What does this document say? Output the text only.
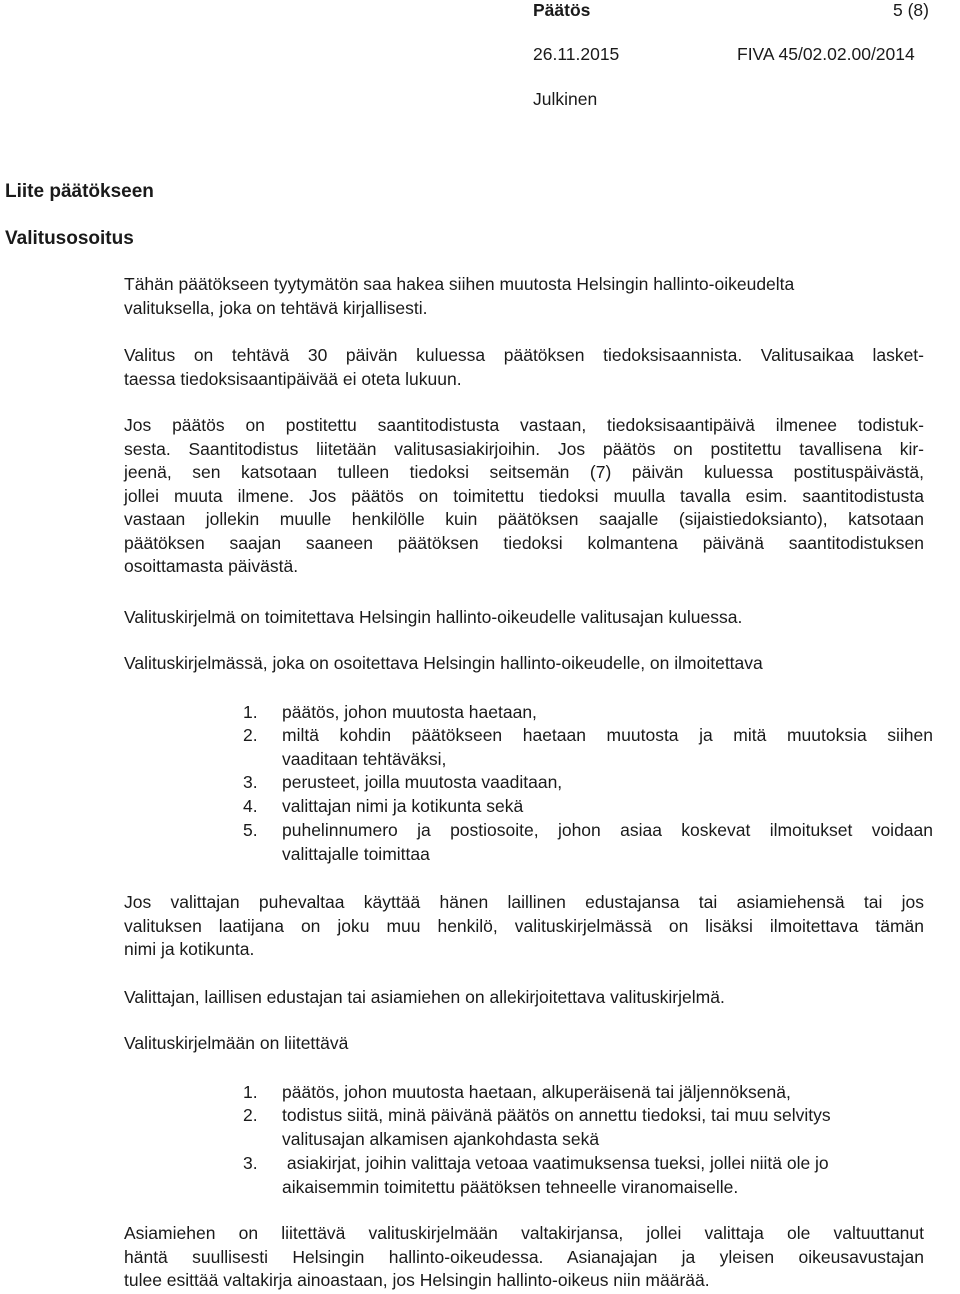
Päätös	5 (8)
26.11.2015	FIVA 45/02.02.00/2014
Julkinen
Liite päätökseen
Valitusosoitus
Tähän päätökseen tyytymätön saa hakea siihen muutosta Helsingin hallinto-oikeudelta
valituksella, joka on tehtävä kirjallisesti.
Valitus on tehtävä 30 päivän kuluessa päätöksen tiedoksisaannista. Valitusaikaa lasket-
taessa tiedoksisaantipäivää ei oteta lukuun.
Jos päätös on postitettu saantitodistusta vastaan, tiedoksisaantipäivä ilmenee todistuk-
sesta. Saantitodistus liitetään valitusasiakirjoihin. Jos päätös on postitettu tavallisena kir-
jeenä, sen katsotaan tulleen tiedoksi seitsemän (7) päivän kuluessa postituspäivästä,
jollei muuta ilmene. Jos päätös on toimitettu tiedoksi muulla tavalla esim. saantitodistusta
vastaan jollekin muulle henkilölle kuin päätöksen saajalle (sijaistiedoksianto), katsotaan
päätöksen saajan saaneen päätöksen tiedoksi kolmantena päivänä saantitodistuksen
osoittamasta päivästä.
Valituskirjelmä on toimitettava Helsingin hallinto-oikeudelle valitusajan kuluessa.
Valituskirjelmässä, joka on osoitettava Helsingin hallinto-oikeudelle, on ilmoitettava
1. päätös, johon muutosta haetaan,
2. miltä kohdin päätökseen haetaan muutosta ja mitä muutoksia siihen
vaaditaan tehtäväksi,
3. perusteet, joilla muutosta vaaditaan,
4. valittajan nimi ja kotikunta sekä
5. puhelinnumero ja postiosoite, johon asiaa koskevat ilmoitukset voidaan
valittajalle toimittaa
Jos valittajan puhevaltaa käyttää hänen laillinen edustajansa tai asiamiehensä tai jos
valituksen laatijana on joku muu henkilö, valituskirjelmässä on lisäksi ilmoitettava tämän
nimi ja kotikunta.
Valittajan, laillisen edustajan tai asiamiehen on allekirjoitettava valituskirjelmä.
Valituskirjelmään on liitettävä
1. päätös, johon muutosta haetaan, alkuperäisenä tai jäljennöksenä,
2. todistus siitä, minä päivänä päätös on annettu tiedoksi, tai muu selvitys
valitusajan alkamisen ajankohdasta sekä
3. asiakirjat, joihin valittaja vetoaa vaatimuksensa tueksi, jollei niitä ole jo
aikaisemmin toimitettu päätöksen tehneelle viranomaiselle.
Asiamiehen on liitettävä valituskirjelmään valtakirjansa, jollei valittaja ole valtuuttanut
häntä suullisesti Helsingin hallinto-oikeudessa. Asianajajan ja yleisen oikeusavustajan
tulee esittää valtakirja ainoastaan, jos Helsingin hallinto-oikeus niin määrää.
